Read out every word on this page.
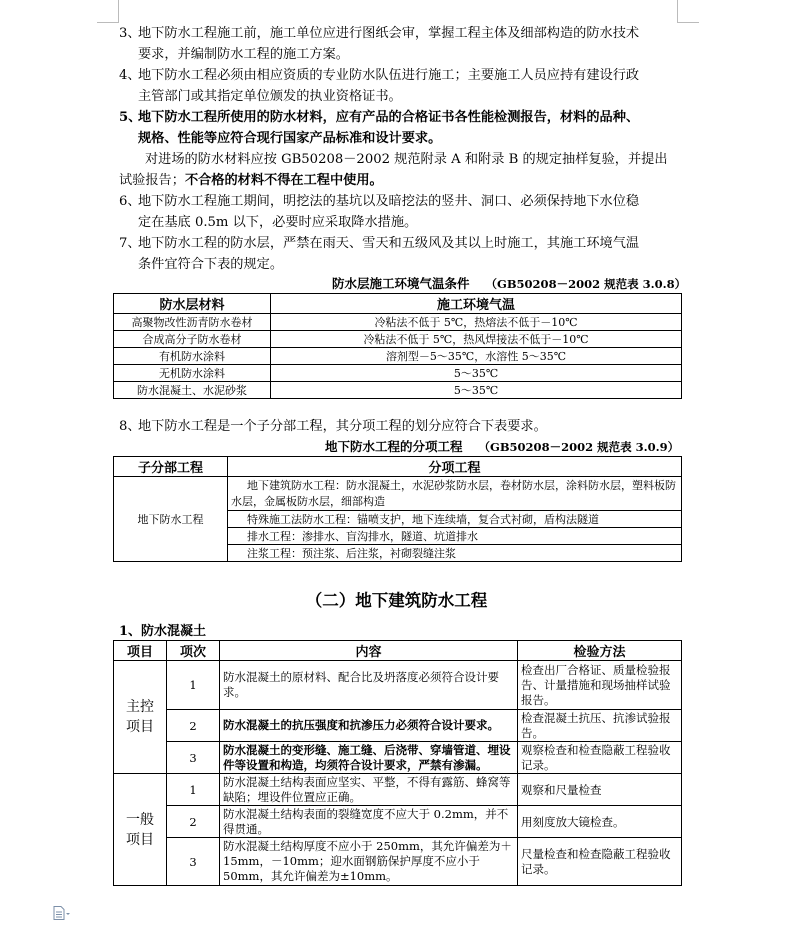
3、地下防水工程施工前，施工单位应进行图纸会审，掌握工程主体及细部构造的防水技术
要求，并编制防水工程的施工方案。
4、地下防水工程必须由相应资质的专业防水队伍进行施工；主要施工人员应持有建设行政
主管部门或其指定单位颁发的执业资格证书。
5、地下防水工程所使用的防水材料，应有产品的合格证书各性能检测报告，材料的品种、
规格、性能等应符合现行国家产品标准和设计要求。
对进场的防水材料应按 GB50208－2002 规范附录 A 和附录 B 的规定抽样复验，并提出
试验报告；不合格的材料不得在工程中使用。
6、地下防水工程施工期间，明挖法的基坑以及暗挖法的竖井、洞口、必须保持地下水位稳
定在基底 0.5m 以下，必要时应采取降水措施。
7、地下防水工程的防水层，严禁在雨天、雪天和五级风及其以上时施工，其施工环境气温
条件宜符合下表的规定。
防水层施工环境气温条件 （GB50208－2002 规范表 3.0.8）
防水层材料	施工环境气温
高聚物改性沥青防水卷材	冷粘法不低于 5℃，热熔法不低于－10℃
合成高分子防水卷材	冷粘法不低于 5℃，热风焊接法不低于－10℃
有机防水涂料	溶剂型－5～35℃，水溶性 5～35℃
无机防水涂料	5～35℃
防水混凝土、水泥砂浆	5～35℃
8、地下防水工程是一个子分部工程，其分项工程的划分应符合下表要求。
地下防水工程的分项工程 （GB50208－2002 规范表 3.0.9）
子分部工程	分项工程
地下防水工程	地下建筑防水工程：防水混凝土，水泥砂浆防水层，卷材防水层，涂料防水层，塑料板防水层，金属板防水层，细部构造
	特殊施工法防水工程：锚喷支护，地下连续墙，复合式衬砌，盾构法隧道
	排水工程：渗排水、盲沟排水，隧道、坑道排水
	注浆工程：预注浆、后注浆，衬砌裂缝注浆
（二）地下建筑防水工程
1、防水混凝土
项目	项次	内容	检验方法

主控
项目	1	防水混凝土的原材料、配合比及坍落度必须符合设计要求。	检查出厂合格证、质量检验报告、计量措施和现场抽样试验报告。
	2	防水混凝土的抗压强度和抗渗压力必须符合设计要求。	检查混凝土抗压、抗渗试验报告。
	3	防水混凝土的变形缝、施工缝、后浇带、穿墙管道、埋设件等设置和构造，均须符合设计要求，严禁有渗漏。	观察检查和检查隐蔽工程验收记录。

一般
项目	1	防水混凝土结构表面应坚实、平整，不得有露筋、蜂窝等缺陷；埋设件位置应正确。	观察和尺量检查
	2	防水混凝土结构表面的裂缝宽度不应大于 0.2mm，并不得贯通。	用刻度放大镜检查。
	3	防水混凝土结构厚度不应小于 250mm，其允许偏差为＋15mm，－10mm；迎水面钢筋保护厚度不应小于 50mm，其允许偏差为±10mm。	尺量检查和检查隐蔽工程验收记录。
